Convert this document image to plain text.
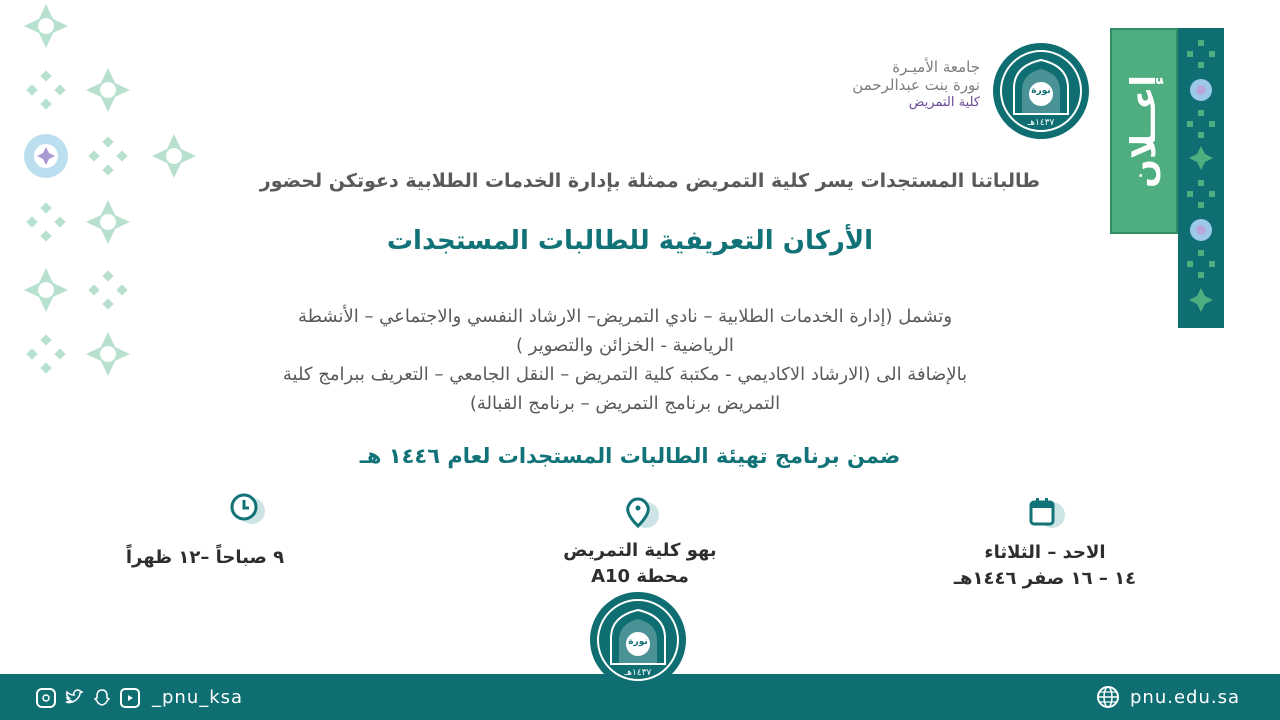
إعــلان
جامعة الأميـرة
نورة بنت عبدالرحمن
كلية التمريض
نورة
١٤٣٧هـ
طالباتنا المستجدات يسر كلية التمريض ممثلة بإدارة الخدمات الطلابية دعوتكن لحضور
الأركان التعريفية للطالبات المستجدات
وتشمل (إدارة الخدمات الطلابية – نادي التمريض– الارشاد النفسي والاجتماعي – الأنشطة
الرياضية - الخزائن والتصوير )
بالإضافة الى (الارشاد الاكاديمي - مكتبة كلية التمريض – النقل الجامعي – التعريف ببرامج كلية
التمريض برنامج التمريض – برنامج القبالة)
ضمن برنامج تهيئة الطالبات المستجدات لعام ١٤٤٦ هـ
٩ صباحاً –١٢ ظهراً	بهو كلية التمريض
محطة A10
الاحد – الثلاثاء
١٤ – ١٦ صفر ١٤٤٦هـ
نورة
١٤٣٧هـ
_pnu_ksa	pnu.edu.sa
